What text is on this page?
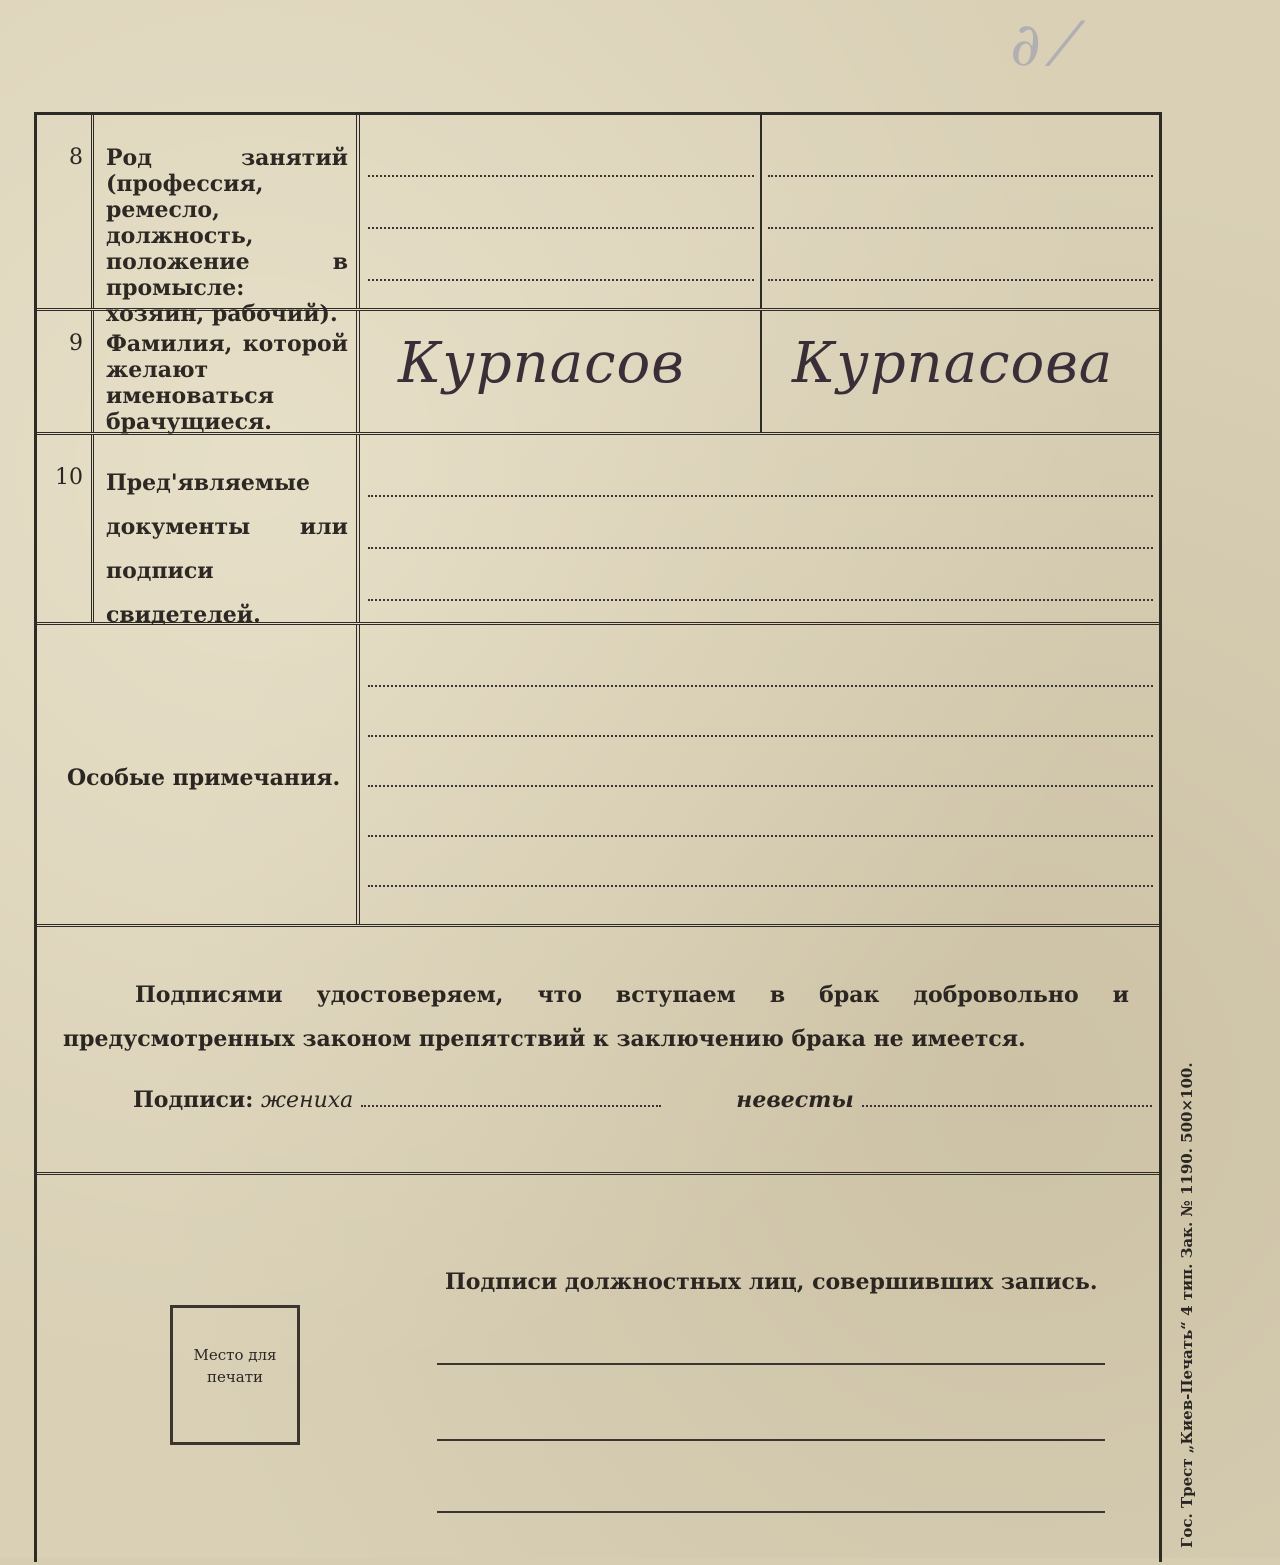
∂ ⁄
8 Род занятий (профессия, ремесло, должность, положение в промысле: хозяин, рабочий).
9 Фамилия, которой желают именоваться брачущиеся.
Курпасов Курпасова
10 Пред'являемые документы или подписи свидетелей.
Особые примечания.
Подписями удостоверяем, что вступаем в брак добровольно и предусмотренных законом препятствий к заключению брака не имеется.
Подписи: жениха	невесты
Подписи должностных лиц, совершивших запись.
Место для печати	Гос. Трест „Киев-Печать“ 4 тип. Зак. № 1190. 500×100.
